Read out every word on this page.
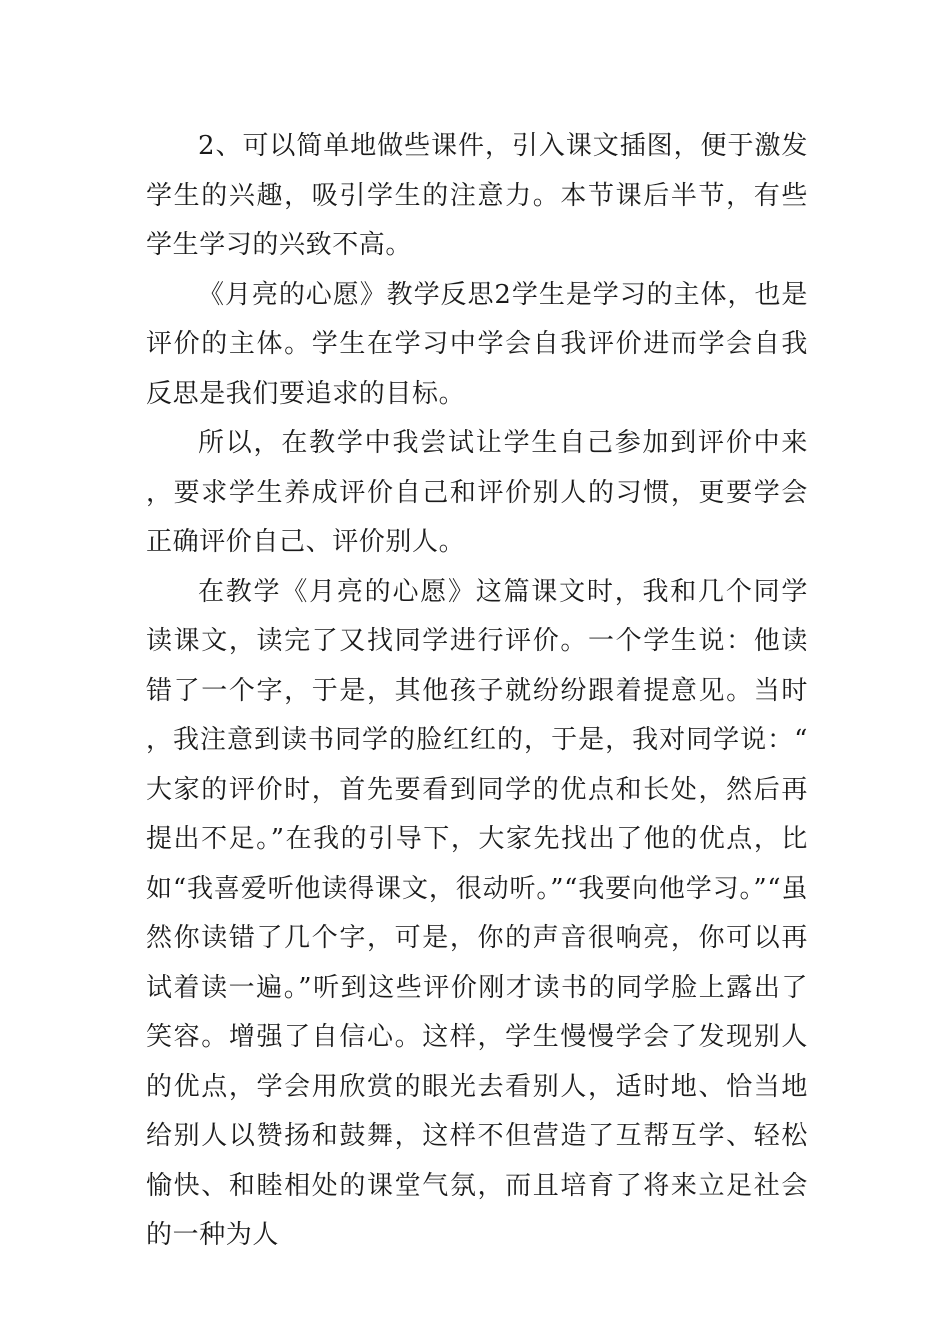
2、可以简单地做些课件，引入课文插图，便于激发学生的兴趣，吸引学生的注意力。本节课后半节，有些学生学习的兴致不高。

《月亮的心愿》教学反思2学生是学习的主体，也是评价的主体。学生在学习中学会自我评价进而学会自我反思是我们要追求的目标。

所以，在教学中我尝试让学生自己参加到评价中来，要求学生养成评价自己和评价别人的习惯，更要学会正确评价自己、评价别人。

在教学《月亮的心愿》这篇课文时，我和几个同学读课文，读完了又找同学进行评价。一个学生说：他读错了一个字，于是，其他孩子就纷纷跟着提意见。当时，我注意到读书同学的脸红红的，于是，我对同学说：“大家的评价时，首先要看到同学的优点和长处，然后再提出不足。”在我的引导下，大家先找出了他的优点，比如“我喜爱听他读得课文，很动听。”“我要向他学习。”“虽然你读错了几个字，可是，你的声音很响亮，你可以再试着读一遍。”听到这些评价刚才读书的同学脸上露出了笑容。增强了自信心。这样，学生慢慢学会了发现别人的优点，学会用欣赏的眼光去看别人，适时地、恰当地给别人以赞扬和鼓舞，这样不但营造了互帮互学、轻松愉快、和睦相处的课堂气氛，而且培育了将来立足社会的一种为人
